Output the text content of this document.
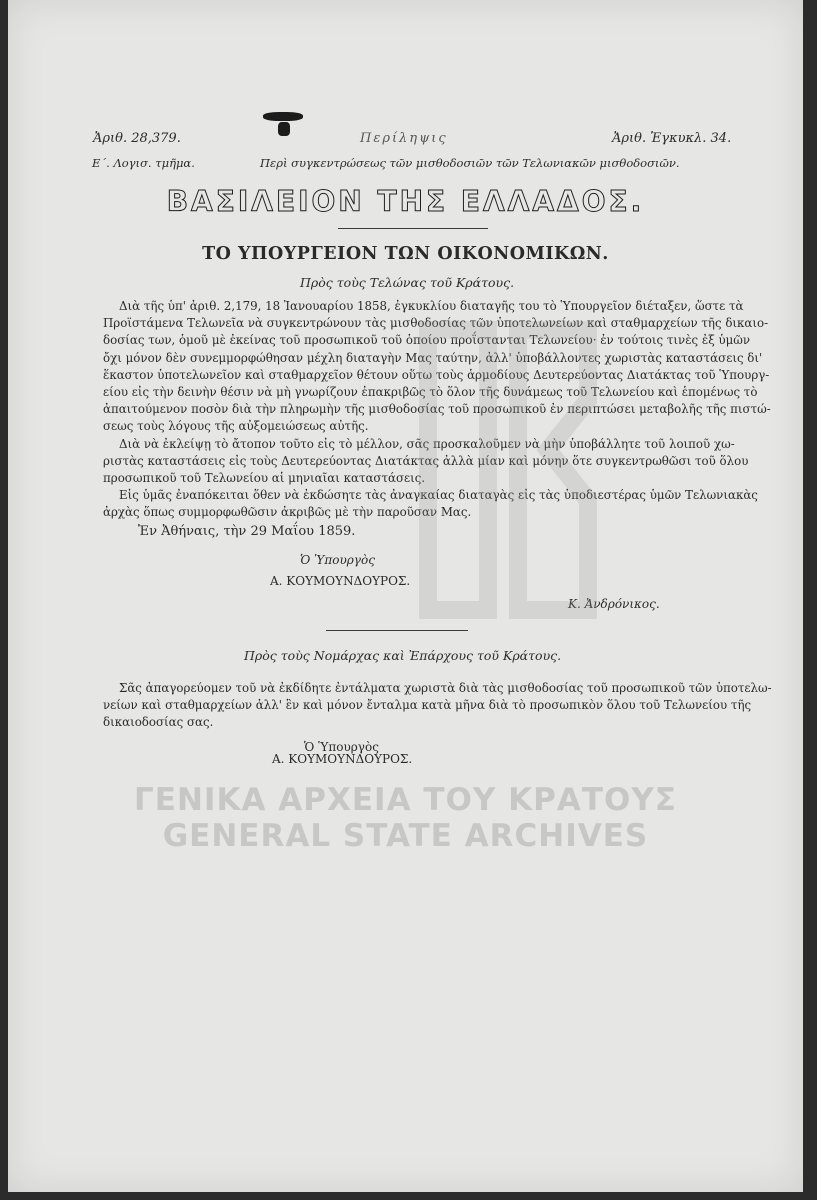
Ἀριθ. 28,379.	Περίληψις	Ἀριθ. Ἐγκυκλ. 34.
Ε΄. Λογισ. τμῆμα.	Περὶ συγκεντρώσεως τῶν μισθοδοσιῶν τῶν Τελωνιακῶν μισθοδοσιῶν.
ΒΑΣΙΛΕΙΟΝ ΤΗΣ ΕΛΛΑΔΟΣ.
ΤΟ ΥΠΟΥΡΓΕΙΟΝ ΤΩΝ ΟΙΚΟΝΟΜΙΚΩΝ.
Πρὸς τοὺς Τελώνας τοῦ Κράτους.
Διὰ τῆς ὑπ' ἀριθ. 2,179, 18 Ἰανουαρίου 1858, ἐγκυκλίου διαταγῆς του τὸ Ὑπουργεῖον διέταξεν, ὥστε τὰ
Προϊστάμενα Τελωνεῖα νὰ συγκεντρώνουν τὰς μισθοδοσίας τῶν ὑποτελωνείων καὶ σταθμαρχείων τῆς δικαιο-
δοσίας των, ὁμοῦ μὲ ἐκείνας τοῦ προσωπικοῦ τοῦ ὁποίου προΐστανται Τελωνείου· ἐν τούτοις τινὲς ἐξ ὑμῶν
ὄχι μόνον δὲν συνεμμορφώθησαν μέχλη διαταγὴν Μας ταύτην, ἀλλ' ὑποβάλλοντες χωριστὰς καταστάσεις δι'
ἕκαστον ὑποτελωνεῖον καὶ σταθμαρχεῖον θέτουν οὕτω τοὺς ἁρμοδίους Δευτερεύοντας Διατάκτας τοῦ Ὑπουργ-
είου εἰς τὴν δεινὴν θέσιν νὰ μὴ γνωρίζουν ἐπακριβῶς τὸ ὅλον τῆς δυνάμεως τοῦ Τελωνείου καὶ ἑπομένως τὸ
ἀπαιτούμενον ποσὸν διὰ τὴν πληρωμὴν τῆς μισθοδοσίας τοῦ προσωπικοῦ ἐν περιπτώσει μεταβολῆς τῆς πιστώ-
σεως τοὺς λόγους τῆς αὐξομειώσεως αὐτῆς.
Διὰ νὰ ἐκλείψῃ τὸ ἄτοπον τοῦτο εἰς τὸ μέλλον, σᾶς προσκαλοῦμεν νὰ μὴν ὑποβάλλητε τοῦ λοιποῦ χω-
ριστὰς καταστάσεις εἰς τοὺς Δευτερεύοντας Διατάκτας ἀλλὰ μίαν καὶ μόνην ὅτε συγκεντρωθῶσι τοῦ ὅλου
προσωπικοῦ τοῦ Τελωνείου αἱ μηνιαῖαι καταστάσεις.
Εἰς ὑμᾶς ἐναπόκειται ὅθεν νὰ ἐκδώσητε τὰς ἀναγκαίας διαταγὰς εἰς τὰς ὑποδιεστέρας ὑμῶν Τελωνιακὰς
ἀρχὰς ὅπως συμμορφωθῶσιν ἀκριβῶς μὲ τὴν παροῦσαν Μας.
Ἐν Ἀθήναις, τὴν 29 Μαΐου 1859.
Ὁ Ὑπουργὸς
Α. ΚΟΥΜΟΥΝΔΟΥΡΟΣ.
Κ. Ἀνδρόνικος.
Πρὸς τοὺς Νομάρχας καὶ Ἐπάρχους τοῦ Κράτους.
Σᾶς ἀπαγορεύομεν τοῦ νὰ ἐκδίδητε ἐντάλματα χωριστὰ διὰ τὰς μισθοδοσίας τοῦ προσωπικοῦ τῶν ὑποτελω-
νείων καὶ σταθμαρχείων ἀλλ' ἓν καὶ μόνον ἔνταλμα κατὰ μῆνα διὰ τὸ προσωπικὸν ὅλου τοῦ Τελωνείου τῆς
δικαιοδοσίας σας.
Ὁ Ὑπουργὸς
Α. ΚΟΥΜΟΥΝΔΟΥΡΟΣ.
ΓΕΝΙΚΑ ΑΡΧΕΙΑ ΤΟΥ ΚΡΑΤΟΥΣ
GENERAL STATE ARCHIVES
